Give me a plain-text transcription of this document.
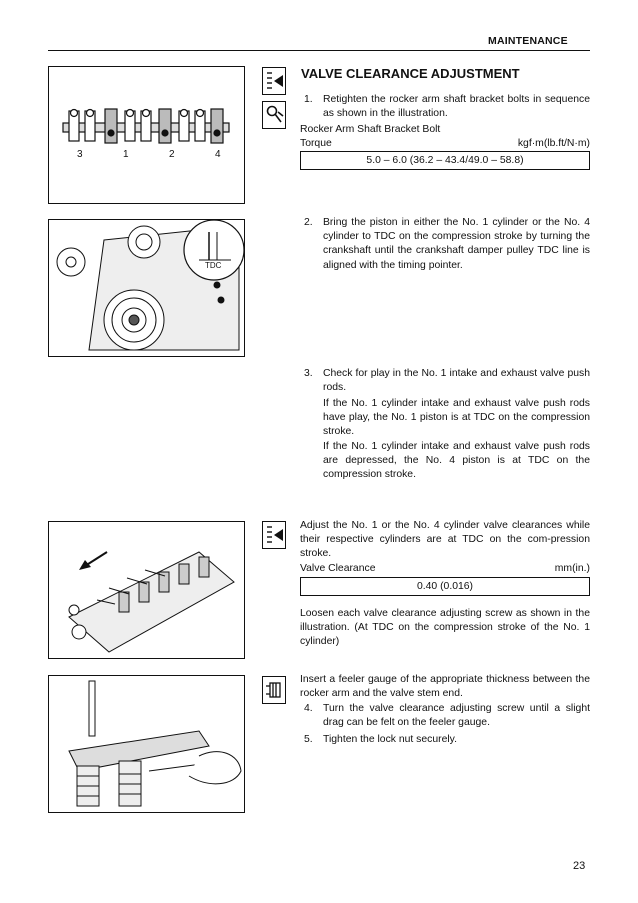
MAINTENANCE
3	1	2	4
VALVE CLEARANCE ADJUSTMENT
1. Retighten the rocker arm shaft bracket bolts in sequence as shown in the illustration.
Rocker Arm Shaft Bracket Bolt
Torque	kgf·m(lb.ft/N·m)
5.0 – 6.0 (36.2 – 43.4/49.0 – 58.8)
TDC
2. Bring the piston in either the No. 1 cylinder or the No. 4 cylinder to TDC on the compression stroke by turning the crankshaft until the crankshaft damper pulley TDC line is aligned with the timing pointer.
3. Check for play in the No. 1 intake and exhaust valve push rods.
If the No. 1 cylinder intake and exhaust valve push rods have play, the No. 1 piston is at TDC on the compression stroke.
If the No. 1 cylinder intake and exhaust valve push rods are depressed, the No. 4 piston is at TDC on the compression stroke.
Adjust the No. 1 or the No. 4 cylinder valve clearances while their respective cylinders are at TDC on the com-pression stroke.
Valve Clearance	mm(in.)
0.40 (0.016)
Loosen each valve clearance adjusting screw as shown in the illustration. (At TDC on the compression stroke of the No. 1 cylinder)
Insert a feeler gauge of the appropriate thickness between the rocker arm and the valve stem end.
4. Turn the valve clearance adjusting screw until a slight drag can be felt on the feeler gauge.
5. Tighten the lock nut securely.
23
